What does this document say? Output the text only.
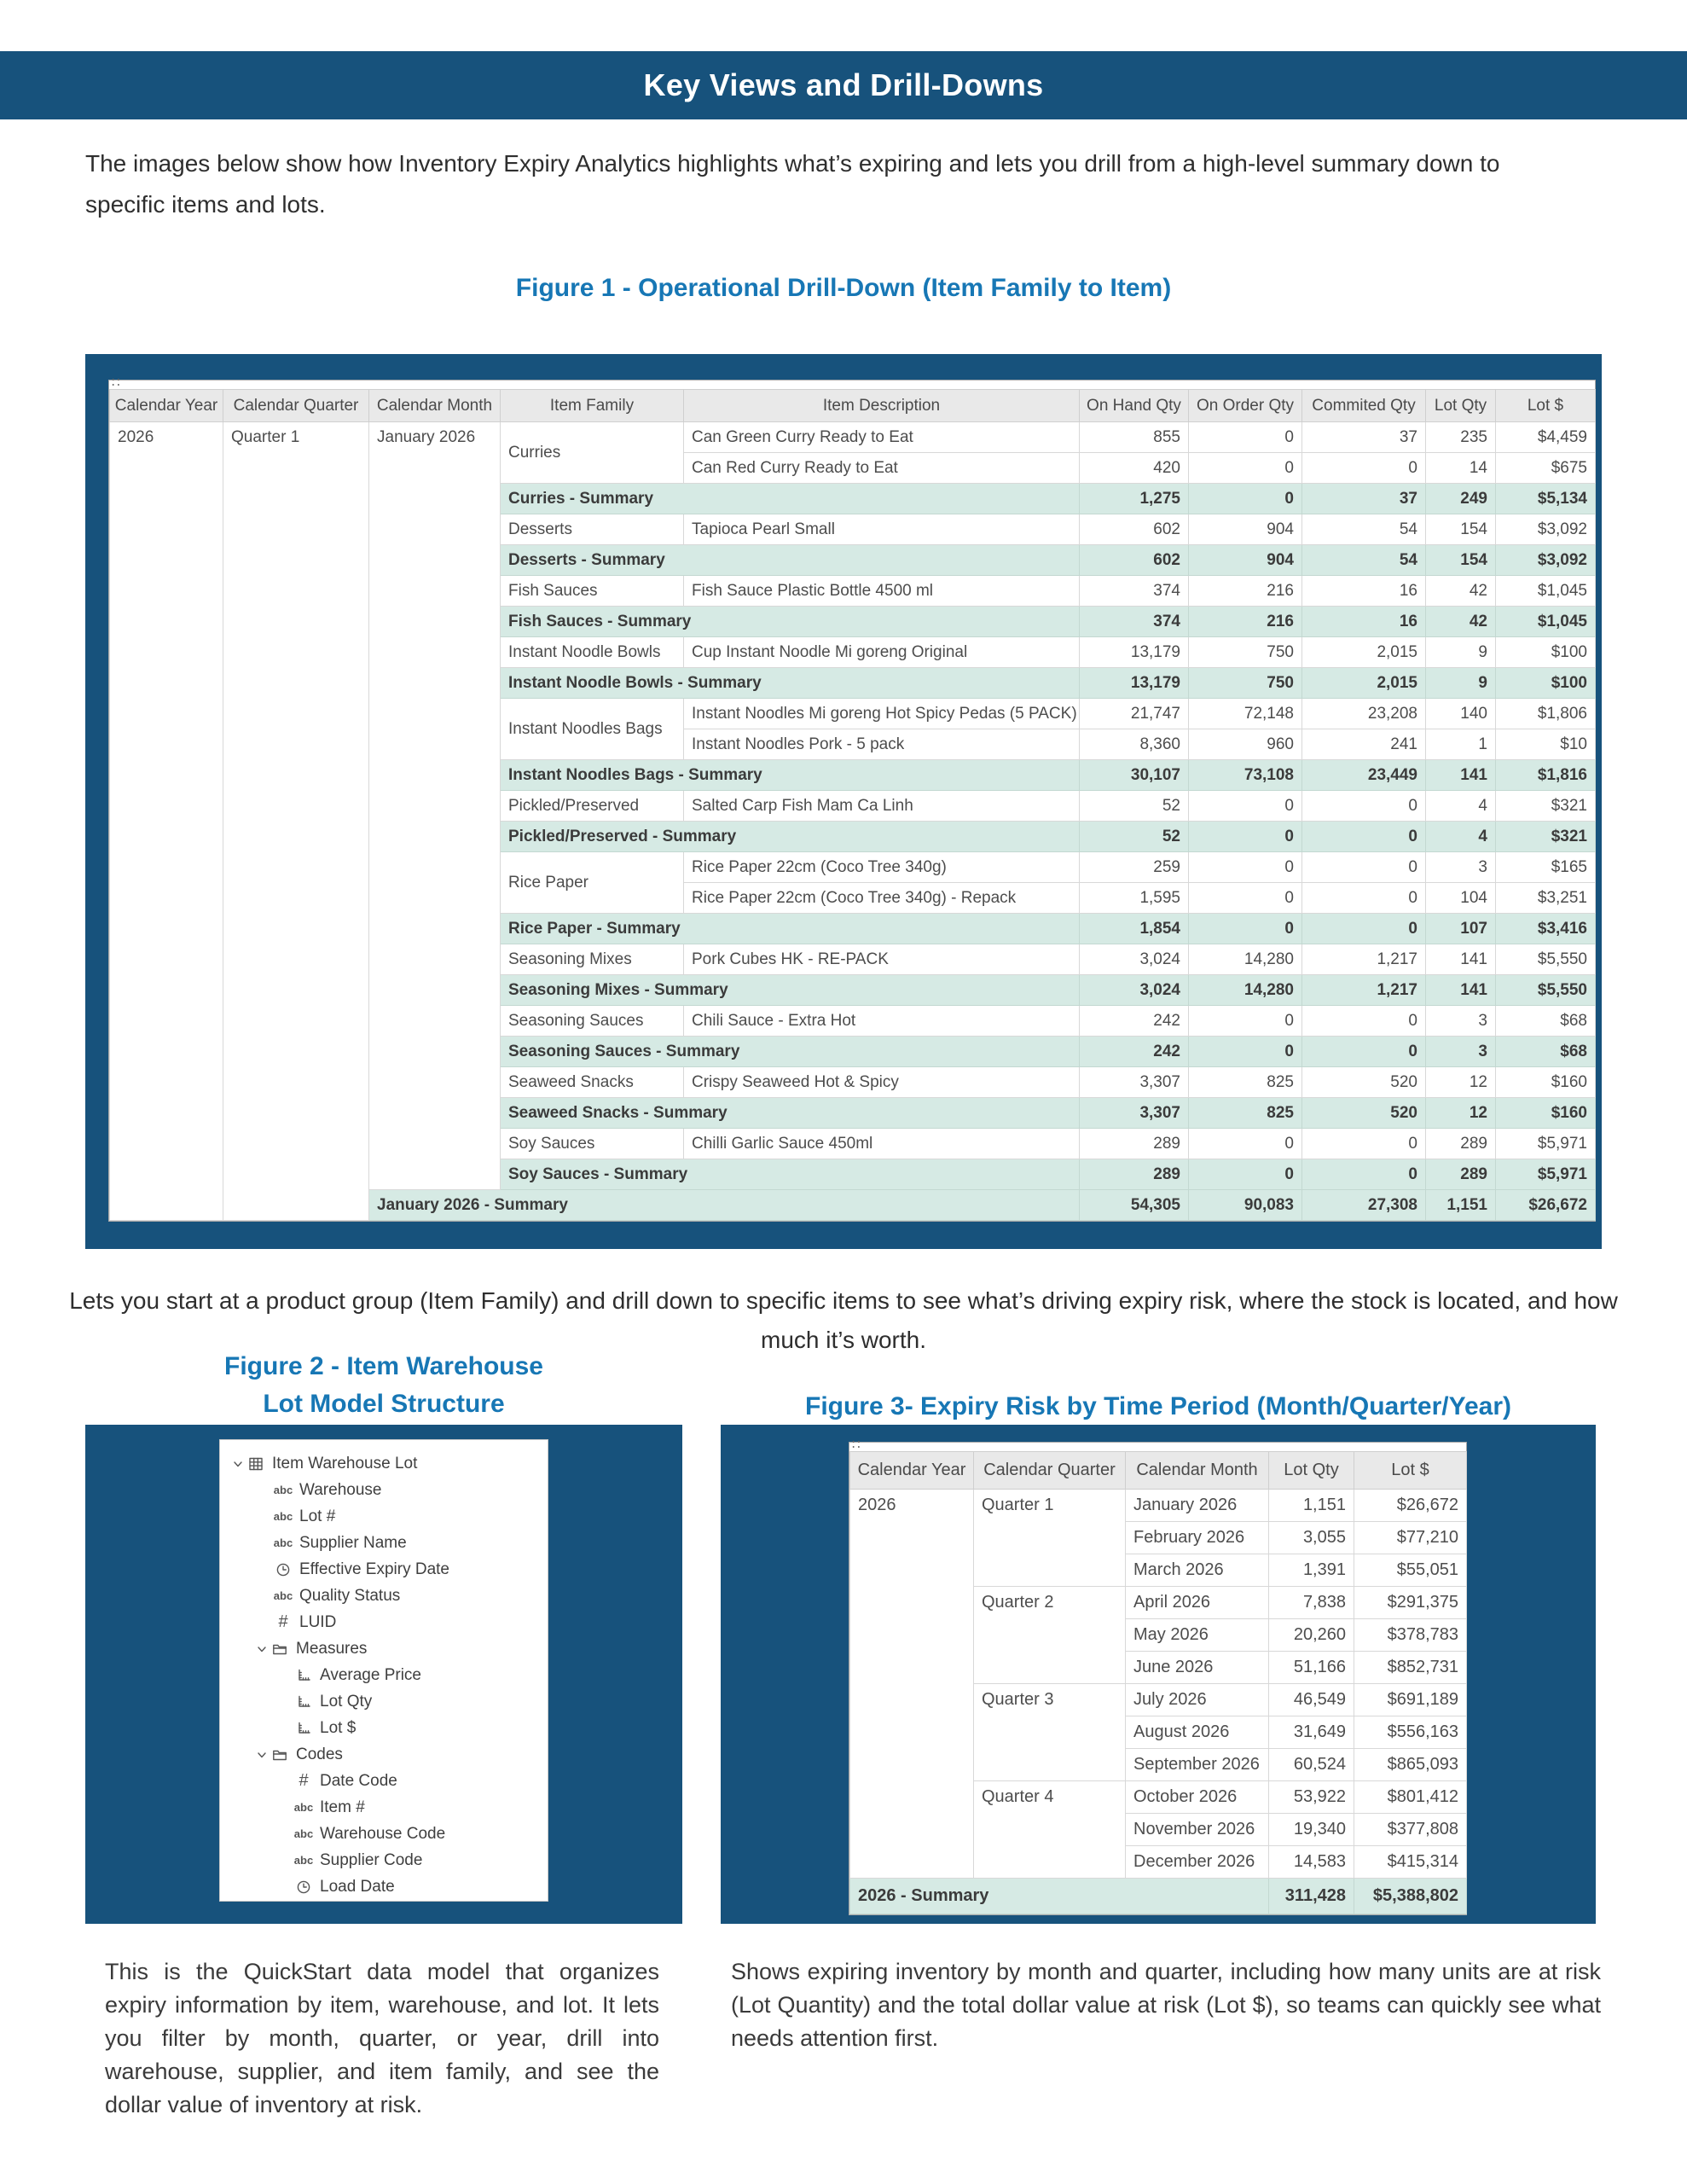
Key Views and Drill-Downs
The images below show how Inventory Expiry Analytics highlights what’s expiring and lets you drill from a high-level summary down to specific items and lots.
Figure 1 - Operational Drill-Down (Item Family to Item)
∷
Calendar Year	Calendar Quarter	Calendar Month	Item Family	Item Description	On Hand Qty	On Order Qty	Commited Qty	Lot Qty	Lot $
2026	Quarter 1	January 2026	Curries	Can Green Curry Ready to Eat	855	0	37	235	$4,459
				Can Red Curry Ready to Eat	420	0	0	14	$675
			Curries - Summary		1,275	0	37	249	$5,134
			Desserts	Tapioca Pearl Small	602	904	54	154	$3,092
			Desserts - Summary		602	904	54	154	$3,092
			Fish Sauces	Fish Sauce Plastic Bottle 4500 ml	374	216	16	42	$1,045
			Fish Sauces - Summary		374	216	16	42	$1,045
			Instant Noodle Bowls	Cup Instant Noodle Mi goreng Original	13,179	750	2,015	9	$100
			Instant Noodle Bowls - Summary		13,179	750	2,015	9	$100
			Instant Noodles Bags	Instant Noodles Mi goreng Hot Spicy Pedas (5 PACK)	21,747	72,148	23,208	140	$1,806
				Instant Noodles Pork - 5 pack	8,360	960	241	1	$10
			Instant Noodles Bags - Summary		30,107	73,108	23,449	141	$1,816
			Pickled/Preserved	Salted Carp Fish Mam Ca Linh	52	0	0	4	$321
			Pickled/Preserved - Summary		52	0	0	4	$321
			Rice Paper	Rice Paper 22cm (Coco Tree 340g)	259	0	0	3	$165
				Rice Paper 22cm (Coco Tree 340g) - Repack	1,595	0	0	104	$3,251
			Rice Paper - Summary		1,854	0	0	107	$3,416
			Seasoning Mixes	Pork Cubes HK - RE-PACK	3,024	14,280	1,217	141	$5,550
			Seasoning Mixes - Summary		3,024	14,280	1,217	141	$5,550
			Seasoning Sauces	Chili Sauce - Extra Hot	242	0	0	3	$68
			Seasoning Sauces - Summary		242	0	0	3	$68
			Seaweed Snacks	Crispy Seaweed Hot & Spicy	3,307	825	520	12	$160
			Seaweed Snacks - Summary		3,307	825	520	12	$160
			Soy Sauces	Chilli Garlic Sauce 450ml	289	0	0	289	$5,971
			Soy Sauces - Summary		289	0	0	289	$5,971
		January 2026 - Summary			54,305	90,083	27,308	1,151	$26,672
Lets you start at a product group (Item Family) and drill down to specific items to see what’s driving expiry risk, where the stock is located, and how much it’s worth.
Figure 2 - Item Warehouse
Lot Model Structure	Figure 3- Expiry Risk by Time Period (Month/Quarter/Year)
Item Warehouse Lot
abc Warehouse
abc Lot #
abc Supplier Name
Effective Expiry Date
abc Quality Status
# LUID
Measures
Average Price
Lot Qty
Lot $
Codes
# Date Code
abc Item #
abc Warehouse Code
abc Supplier Code
Load Date
∷
Calendar Year	Calendar Quarter	Calendar Month	Lot Qty	Lot $
2026	Quarter 1	January 2026	1,151	$26,672
		February 2026	3,055	$77,210
		March 2026	1,391	$55,051
	Quarter 2	April 2026	7,838	$291,375
		May 2026	20,260	$378,783
		June 2026	51,166	$852,731
	Quarter 3	July 2026	46,549	$691,189
		August 2026	31,649	$556,163
		September 2026	60,524	$865,093
	Quarter 4	October 2026	53,922	$801,412
		November 2026	19,340	$377,808
		December 2026	14,583	$415,314
2026 - Summary			311,428	$5,388,802
This is the QuickStart data model that organizes expiry information by item, warehouse, and lot. It lets you filter by month, quarter, or year, drill into warehouse, supplier, and item family, and see the dollar value of inventory at risk.
Shows expiring inventory by month and quarter, including how many units are at risk (Lot Quantity) and the total dollar value at risk (Lot $), so teams can quickly see what needs attention first.
